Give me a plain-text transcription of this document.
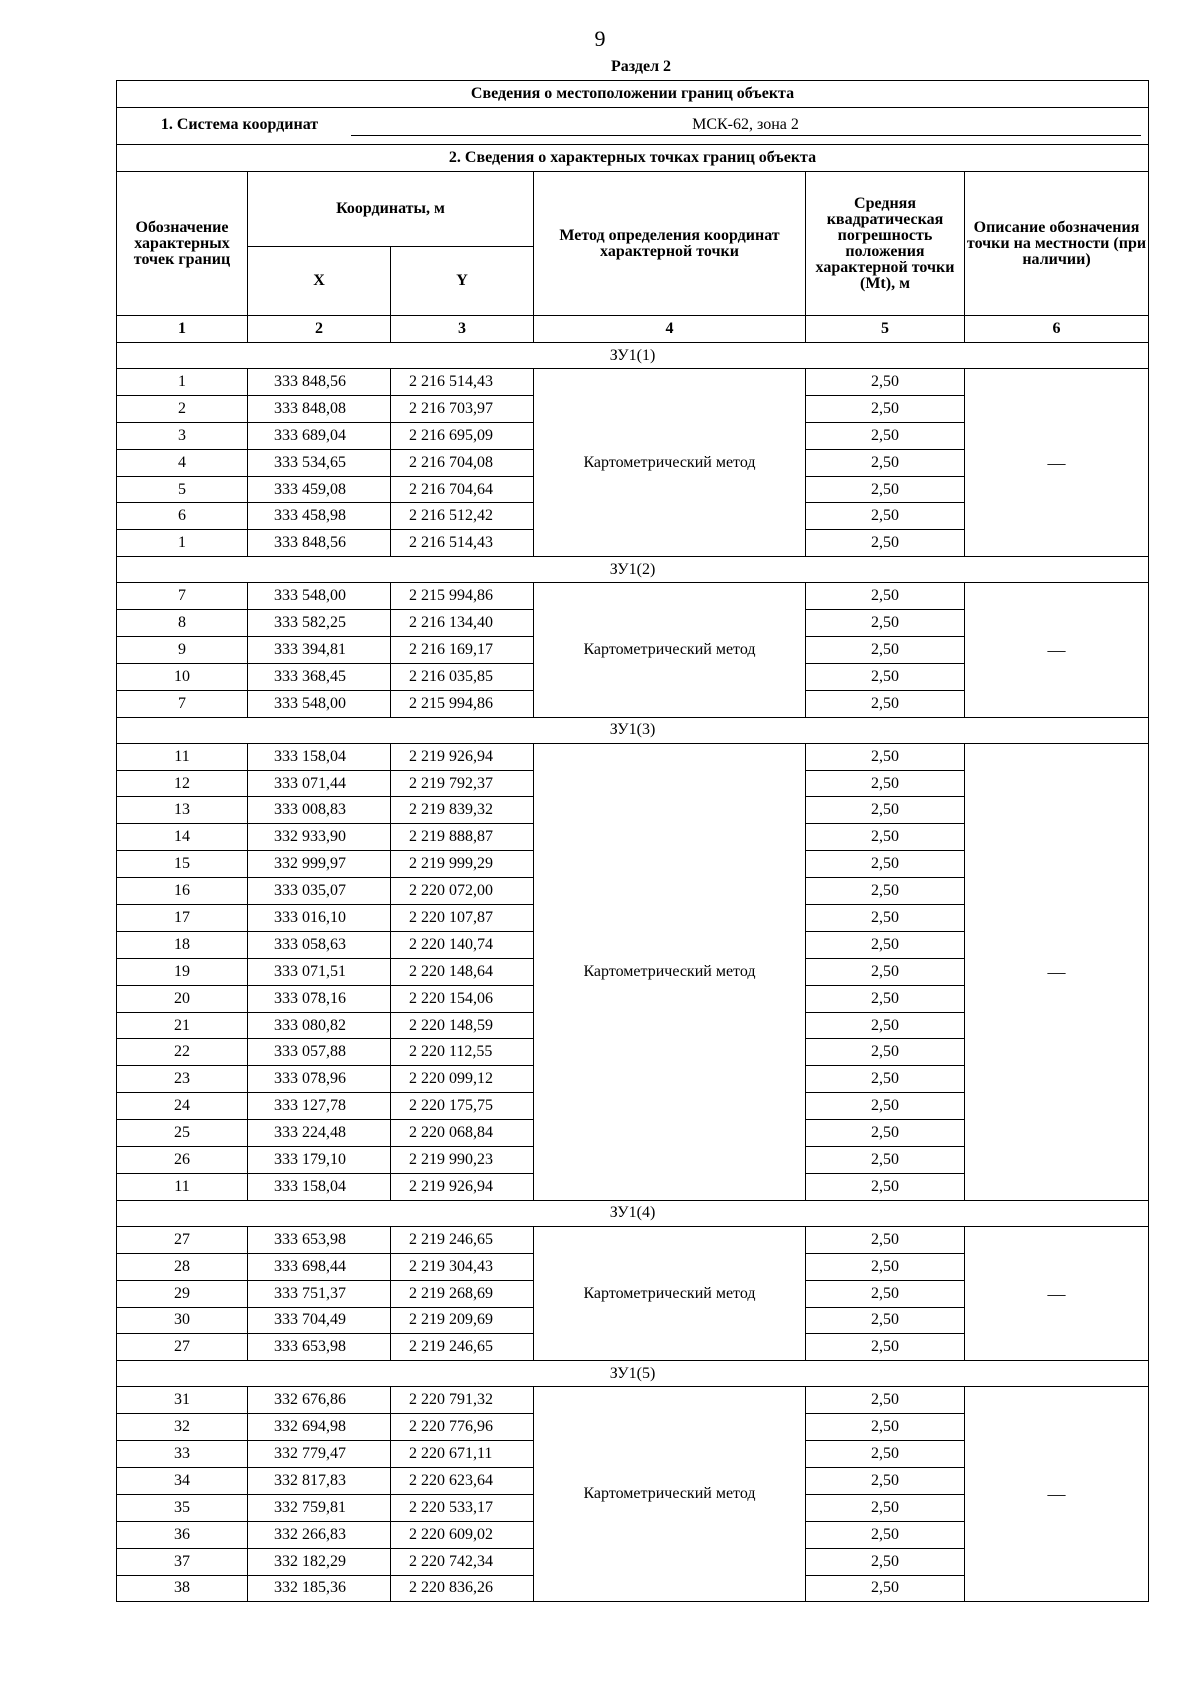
9
Раздел 2
Сведения о местоположении границ объекта					
1. Система координат МСК-62, зона 2					
2. Сведения о характерных точках границ объекта					
Обозначение характерных точек границ	Координаты, м		Метод определения координат характерной точки	Средняя квадратическая погрешность положения характерной точки (Mt), м	Описание обозначения точки на местности (при наличии)
	X	Y			
1	2	3	4	5	6
ЗУ1(1)					
1	333 848,56	2 216 514,43	Картометрический метод	2,50	—
2	333 848,08	2 216 703,97		2,50	
3	333 689,04	2 216 695,09		2,50	
4	333 534,65	2 216 704,08		2,50	
5	333 459,08	2 216 704,64		2,50	
6	333 458,98	2 216 512,42		2,50	
1	333 848,56	2 216 514,43		2,50	
ЗУ1(2)					
7	333 548,00	2 215 994,86	Картометрический метод	2,50	—
8	333 582,25	2 216 134,40		2,50	
9	333 394,81	2 216 169,17		2,50	
10	333 368,45	2 216 035,85		2,50	
7	333 548,00	2 215 994,86		2,50	
ЗУ1(3)					
11	333 158,04	2 219 926,94	Картометрический метод	2,50	—
12	333 071,44	2 219 792,37		2,50	
13	333 008,83	2 219 839,32		2,50	
14	332 933,90	2 219 888,87		2,50	
15	332 999,97	2 219 999,29		2,50	
16	333 035,07	2 220 072,00		2,50	
17	333 016,10	2 220 107,87		2,50	
18	333 058,63	2 220 140,74		2,50	
19	333 071,51	2 220 148,64		2,50	
20	333 078,16	2 220 154,06		2,50	
21	333 080,82	2 220 148,59		2,50	
22	333 057,88	2 220 112,55		2,50	
23	333 078,96	2 220 099,12		2,50	
24	333 127,78	2 220 175,75		2,50	
25	333 224,48	2 220 068,84		2,50	
26	333 179,10	2 219 990,23		2,50	
11	333 158,04	2 219 926,94		2,50	
ЗУ1(4)					
27	333 653,98	2 219 246,65	Картометрический метод	2,50	—
28	333 698,44	2 219 304,43		2,50	
29	333 751,37	2 219 268,69		2,50	
30	333 704,49	2 219 209,69		2,50	
27	333 653,98	2 219 246,65		2,50	
ЗУ1(5)					
31	332 676,86	2 220 791,32	Картометрический метод	2,50	—
32	332 694,98	2 220 776,96		2,50	
33	332 779,47	2 220 671,11		2,50	
34	332 817,83	2 220 623,64		2,50	
35	332 759,81	2 220 533,17		2,50	
36	332 266,83	2 220 609,02		2,50	
37	332 182,29	2 220 742,34		2,50	
38	332 185,36	2 220 836,26		2,50	
